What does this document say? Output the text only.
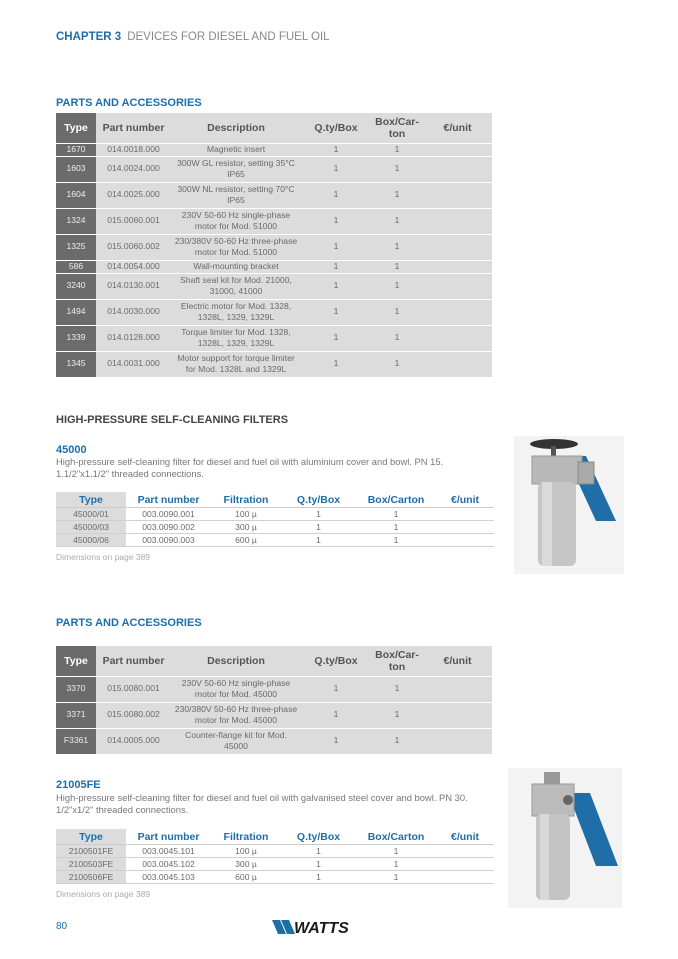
CHAPTER 3 DEVICES FOR DIESEL AND FUEL OIL
PARTS AND ACCESSORIES
Type	Part number	Description	Q.ty/Box	Box/Car-ton	€/unit
1670	014.0018.000	Magnetic insert	1	1	
1603	014.0024.000	300W GL resistor, setting 35°C IP65	1	1	
1604	014.0025.000	300W NL resistor, setting 70°C IP65	1	1	
1324	015.0060.001	230V 50-60 Hz single-phase motor for Mod. 51000	1	1	
1325	015.0060.002	230/380V 50-60 Hz three-phase motor for Mod. 51000	1	1	
586	014.0054.000	Wall-mounting bracket	1	1	
3240	014.0130.001	Shaft seal kit for Mod. 21000, 31000, 41000	1	1	
1494	014.0030.000	Electric motor for Mod. 1328, 1328L, 1329, 1329L	1	1	
1339	014.0128.000	Torque limiter for Mod. 1328, 1328L, 1329, 1329L	1	1	
1345	014.0031.000	Motor support for torque limiter for Mod. 1328L and 1329L	1	1	
HIGH-PRESSURE SELF-CLEANING FILTERS
45000
High-pressure self-cleaning filter for diesel and fuel oil with aluminium cover and bowl. PN 15. 1.1/2"x1.1/2" threaded connections.
Type	Part number	Filtration	Q.ty/Box	Box/Carton	€/unit
45000/01	003.0090.001	100 µ	1	1	
45000/03	003.0090.002	300 µ	1	1	
45000/06	003.0090.003	600 µ	1	1	
Dimensions on page 389
PARTS AND ACCESSORIES
Type	Part number	Description	Q.ty/Box	Box/Car-ton	€/unit
3370	015.0080.001	230V 50-60 Hz single-phase motor for Mod. 45000	1	1	
3371	015.0080.002	230/380V 50-60 Hz three-phase motor for Mod. 45000	1	1	
F3361	014.0005.000	Counter-flange kit for Mod. 45000	1	1	
21005FE
High-pressure self-cleaning filter for diesel and fuel oil with galvanised steel cover and bowl. PN 30. 1/2"x1/2" threaded connections.
Type	Part number	Filtration	Q.ty/Box	Box/Carton	€/unit
2100501FE	003.0045.101	100 µ	1	1	
2100503FE	003.0045.102	300 µ	1	1	
2100506FE	003.0045.103	600 µ	1	1	
Dimensions on page 389
80	WATTS
